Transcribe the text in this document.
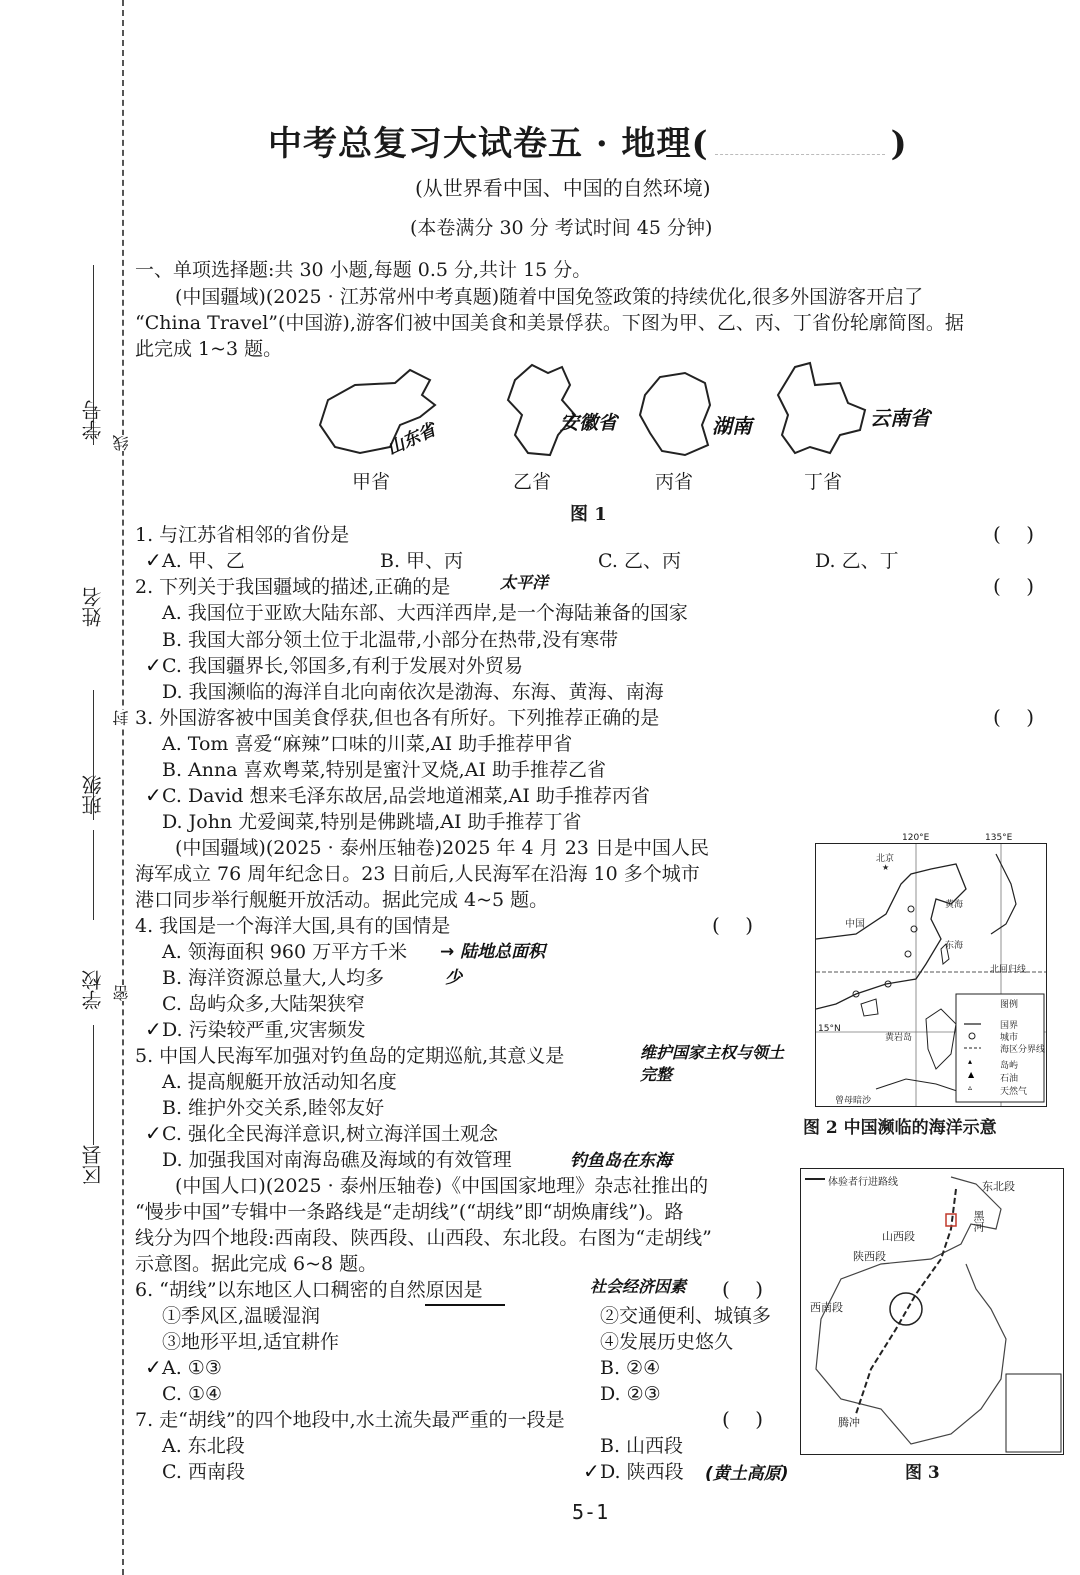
学号
姓名
班级
学校
区县
线
封
密
中考总复习大试卷五 · 地理(	)
(从世界看中国、中国的自然环境)
(本卷满分 30 分 考试时间 45 分钟)
一、单项选择题:共 30 小题,每题 0.5 分,共计 15 分。
(中国疆域)(2025 · 江苏常州中考真题)随着中国免签政策的持续优化,很多外国游客开启了
“China Travel”(中国游),游客们被中国美食和美景俘获。下图为甲、乙、丙、丁省份轮廓简图。据
此完成 1~3 题。
山东省	安徽省	湖南	云南省
甲省	乙省	丙省	丁省
图 1
1. 与江苏省相邻的省份是	(    )
✓ A. 甲、乙	B. 甲、丙	C. 乙、丙	D. 乙、丁
2. 下列关于我国疆域的描述,正确的是	太平洋	(    )
A. 我国位于亚欧大陆东部、大西洋西岸,是一个海陆兼备的国家
B. 我国大部分领土位于北温带,小部分在热带,没有寒带
✓ C. 我国疆界长,邻国多,有利于发展对外贸易
D. 我国濒临的海洋自北向南依次是渤海、东海、黄海、南海
3. 外国游客被中国美食俘获,但也各有所好。下列推荐正确的是	(    )
A. Tom 喜爱“麻辣”口味的川菜,AI 助手推荐甲省
B. Anna 喜欢粤菜,特别是蜜汁叉烧,AI 助手推荐乙省
✓ C. David 想来毛泽东故居,品尝地道湘菜,AI 助手推荐丙省
D. John 尤爱闽菜,特别是佛跳墙,AI 助手推荐丁省
(中国疆域)(2025 · 泰州压轴卷)2025 年 4 月 23 日是中国人民
海军成立 76 周年纪念日。23 日前后,人民海军在沿海 10 多个城市
港口同步举行舰艇开放活动。据此完成 4~5 题。
4. 我国是一个海洋大国,具有的国情是	(    )
A. 领海面积 960 万平方千米 → 陆地总面积
B. 海洋资源总量大,人均多	少
C. 岛屿众多,大陆架狭窄
✓ D. 污染较严重,灾害频发
5. 中国人民海军加强对钓鱼岛的定期巡航,其意义是	维护国家主权与领土完整
A. 提高舰艇开放活动知名度
B. 维护外交关系,睦邻友好
✓ C. 强化全民海洋意识,树立海洋国土观念
D. 加强我国对南海岛礁及海域的有效管理	钓鱼岛在东海
(中国人口)(2025 · 泰州压轴卷)《中国国家地理》杂志社推出的
“慢步中国”专辑中一条路线是“走胡线”(“胡线”即“胡焕庸线”)。路
线分为四个地段:西南段、陕西段、山西段、东北段。右图为“走胡线”
示意图。据此完成 6~8 题。
6. “胡线”以东地区人口稠密的自然原因是	社会经济因素 (    )
①季风区,温暖湿润	②交通便利、城镇多
③地形平坦,适宜耕作	④发展历史悠久
✓ A. ①③	B. ②④
C. ①④	D. ②③
7. 走“胡线”的四个地段中,水土流失最严重的一段是	(    )
A. 东北段	B. 山西段
C. 西南段	✓ D. 陕西段 (黄土高原)
★
▴
▲
▵
120°E	135°E
15°N
北京
中国
北回归线
黄岩岛
曾母暗沙
黄海
东海
图例
国界
城市
海区分界线
岛屿
石油
天然气
图 2 中国濒临的海洋示意
体验者行进路线	东北段
黑河
山西段
陕西段
西南段
腾冲
图 3
5-1
